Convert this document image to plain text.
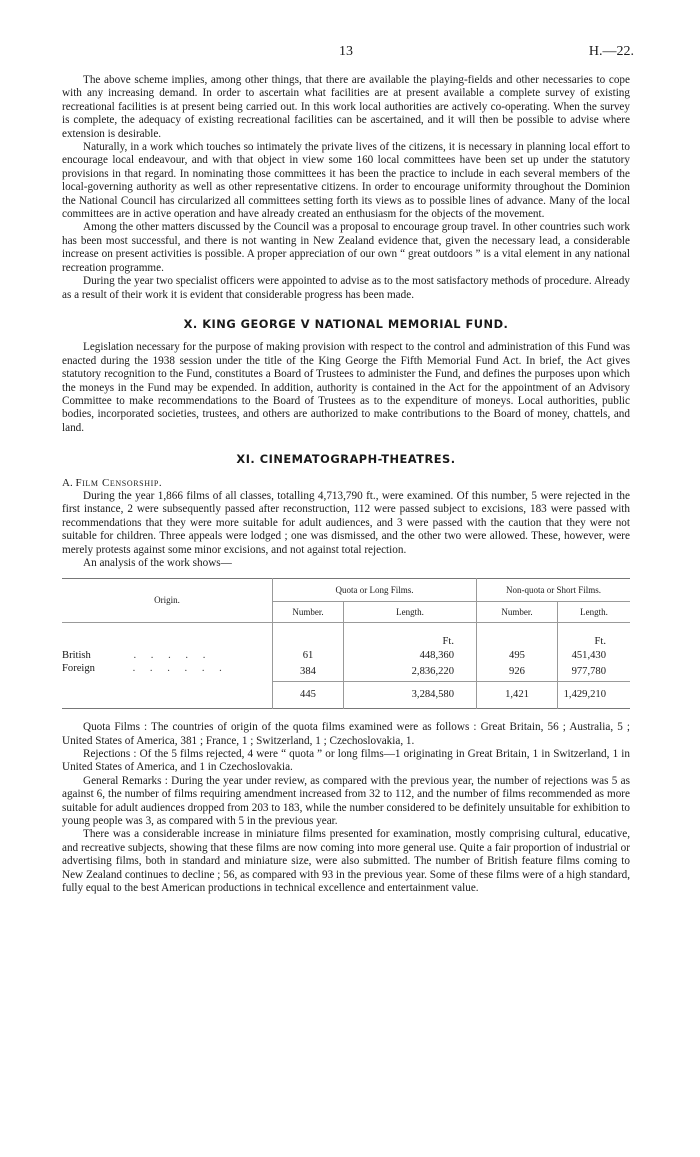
13	H.—22.

The above scheme implies, among other things, that there are available the playing-fields and other necessaries to cope with any increasing demand. In order to ascertain what facilities are at present available a complete survey of existing recreational facilities is at present being carried out. In this work local authorities are actively co-operating. When the survey is complete, the adequacy of existing recreational facilities can be ascertained, and it will then be possible to advise where extension is desirable.

Naturally, in a work which touches so intimately the private lives of the citizens, it is necessary in planning local effort to encourage local endeavour, and with that object in view some 160 local committees have been set up under the statutory provisions in that regard. In nominating those committees it has been the practice to include in each several members of the local-governing authority as well as other representative citizens. In order to encourage uniformity throughout the Dominion the National Council has circularized all committees setting forth its views as to possible lines of advance. Many of the local committees are in active operation and have already created an enthusiasm for the objects of the movement.

Among the other matters discussed by the Council was a proposal to encourage group travel. In other countries such work has been most successful, and there is not wanting in New Zealand evidence that, given the necessary lead, a considerable increase on present activities is possible. A proper appreciation of our own “ great outdoors ” is a vital element in any national recreation programme.

During the year two specialist officers were appointed to advise as to the most satisfactory methods of procedure. Already as a result of their work it is evident that considerable progress has been made.

X. KING GEORGE V NATIONAL MEMORIAL FUND.

Legislation necessary for the purpose of making provision with respect to the control and administration of this Fund was enacted during the 1938 session under the title of the King George the Fifth Memorial Fund Act. In brief, the Act gives statutory recognition to the Fund, constitutes a Board of Trustees to administer the Fund, and defines the purposes upon which the moneys in the Fund may be expended. In addition, authority is contained in the Act for the appointment of an Advisory Committee to make recommendations to the Board of Trustees as to the expenditure of moneys. Local authorities, public bodies, incorporated societies, trustees, and others are authorized to make contributions to the Board of money, chattels, and land.

XI. CINEMATOGRAPH-THEATRES.
A. Film Censorship.

During the year 1,866 films of all classes, totalling 4,713,790 ft., were examined. Of this number, 5 were rejected in the first instance, 2 were subsequently passed after reconstruction, 112 were passed subject to excisions, 183 were passed with recommendations that they were more suitable for adult audiences, and 3 were passed with the caution that they were not suitable for children. Three appeals were lodged ; one was dismissed, and the other two were allowed. These, however, were merely protests against some minor excisions, and not against total rejection.

An analysis of the work shows—

Origin.	Quota or Long Films.		Non-quota or Short Films.	
	Number.	Length.	Number.	Length.
		Ft.		Ft.
British . . . . .	61	448,360	495	451,430
Foreign . . . . . .	384	2,836,220	926	977,780
	445	3,284,580	1,421	1,429,210

Quota Films : The countries of origin of the quota films examined were as follows : Great Britain, 56 ; Australia, 5 ; United States of America, 381 ; France, 1 ; Switzerland, 1 ; Czechoslovakia, 1.

Rejections : Of the 5 films rejected, 4 were “ quota ” or long films—1 originating in Great Britain, 1 in Switzerland, 1 in United States of America, and 1 in Czechoslovakia.

General Remarks : During the year under review, as compared with the previous year, the number of rejections was 5 as against 6, the number of films requiring amendment increased from 32 to 112, and the number of films recommended as more suitable for adult audiences dropped from 203 to 183, while the number considered to be definitely unsuitable for exhibition to young people was 3, as compared with 5 in the previous year.

There was a considerable increase in miniature films presented for examination, mostly comprising cultural, educative, and recreative subjects, showing that these films are now coming into more general use. Quite a fair proportion of industrial or advertising films, both in standard and miniature size, were also submitted. The number of British feature films coming to New Zealand continues to decline ; 56, as compared with 93 in the previous year. Some of these films were of a high standard, fully equal to the best American productions in technical excellence and entertainment value.
